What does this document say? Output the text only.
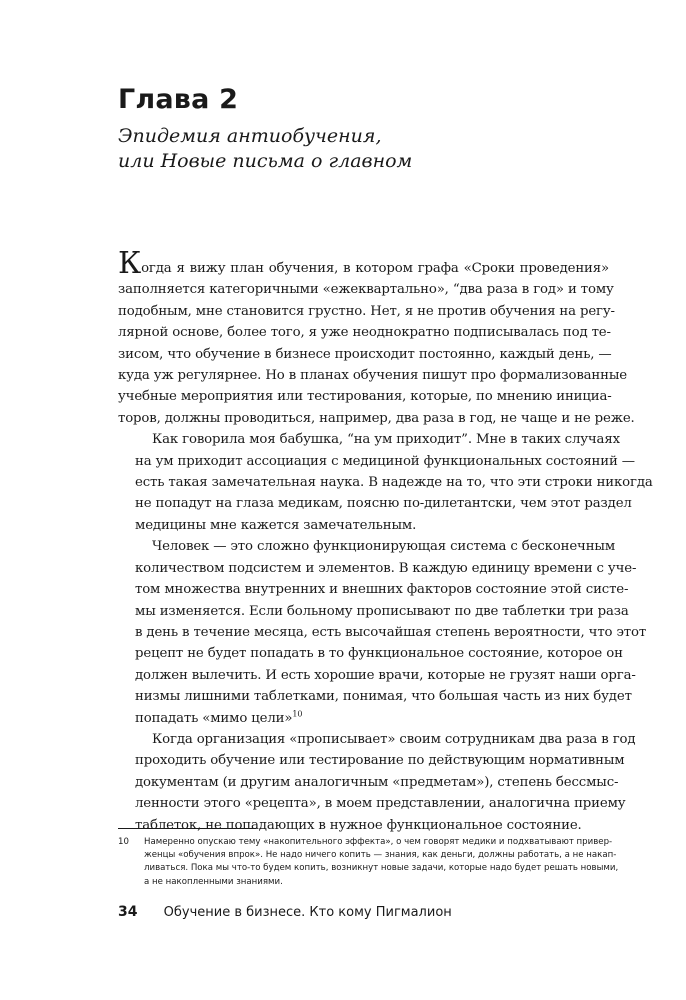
Глава 2
Эпидемия антиобучения,
или Новые письма о главном

Когда я вижу план обучения, в котором графа «Сроки проведения»
заполняется категоричными «ежеквартально», “два раза в год» и тому
подобным, мне становится грустно. Нет, я не против обучения на регу-
лярной основе, более того, я уже неоднократно подписывалась под те-
зисом, что обучение в бизнесе происходит постоянно, каждый день, —
куда уж регулярнее. Но в планах обучения пишут про формализованные
учебные мероприятия или тестирования, которые, по мнению инициа-
торов, должны проводиться, например, два раза в год, не чаще и не реже.

Как говорила моя бабушка, “на ум приходит”. Мне в таких случаях
на ум приходит ассоциация с медициной функциональных состояний —
есть такая замечательная наука. В надежде на то, что эти строки никогда
не попадут на глаза медикам, поясню по-дилетантски, чем этот раздел
медицины мне кажется замечательным.

Человек — это сложно функционирующая система с бесконечным
количеством подсистем и элементов. В каждую единицу времени с уче-
том множества внутренних и внешних факторов состояние этой систе-
мы изменяется. Если больному прописывают по две таблетки три раза
в день в течение месяца, есть высочайшая степень вероятности, что этот
рецепт не будет попадать в то функциональное состояние, которое он
должен вылечить. И есть хорошие врачи, которые не грузят наши орга-
низмы лишними таблетками, понимая, что большая часть из них будет
попадать «мимо цели»$^{10}$

Когда организация «прописывает» своим сотрудникам два раза в год
проходить обучение или тестирование по действующим нормативным
документам (и другим аналогичным «предметам»), степень бессмыс-
ленности этого «рецепта», в моем представлении, аналогична приему
таблеток, не попадающих в нужное функциональное состояние.

10 Намеренно опускаю тему «накопительного эффекта», о чем говорят медики и подхватывают привер-
женцы «обучения впрок». Не надо ничего копить — знания, как деньги, должны работать, а не накап-
ливаться. Пока мы что-то будем копить, возникнут новые задачи, которые надо будет решать новыми,
а не накопленными знаниями.
34 Обучение в бизнесе. Кто кому Пигмалион
